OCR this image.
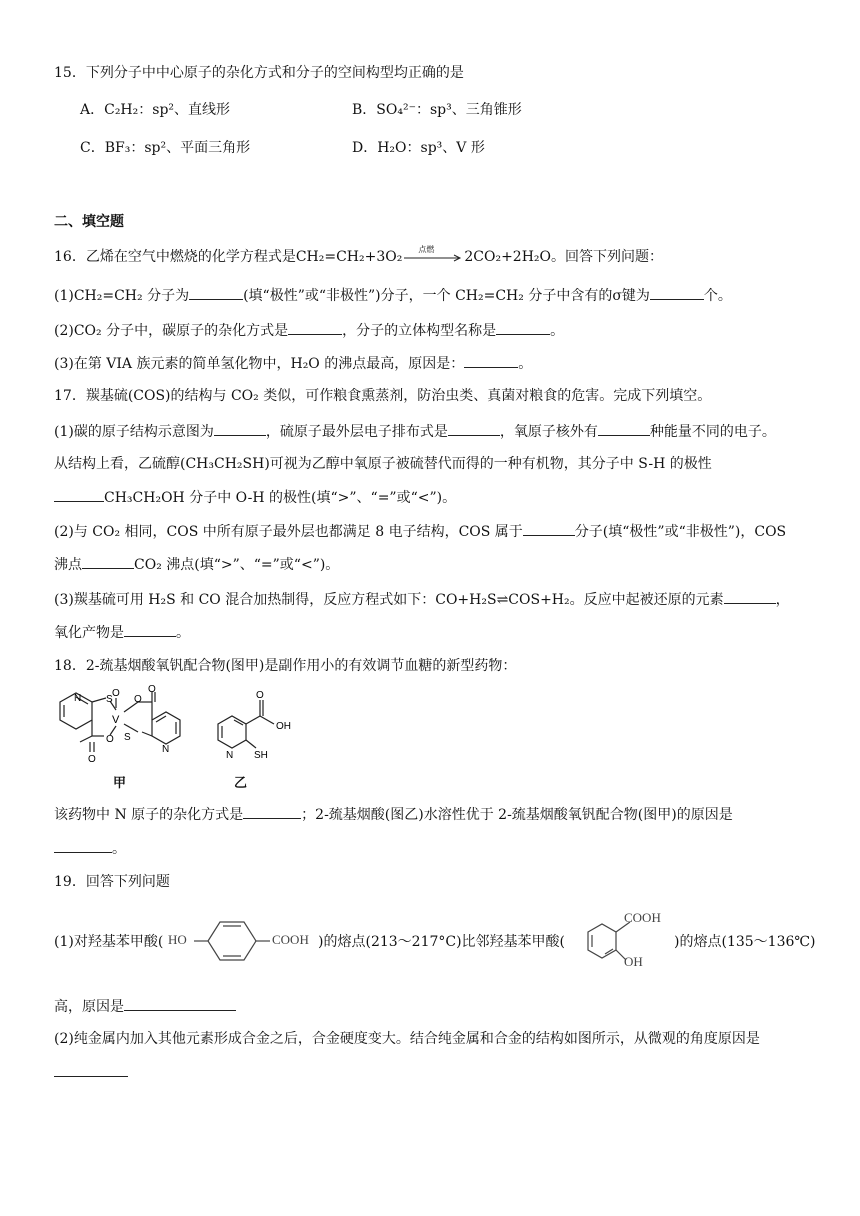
15．下列分子中中心原子的杂化方式和分子的空间构型均正确的是
A．C₂H₂：sp²、直线形	B．SO₄²⁻：sp³、三角锥形
C．BF₃：sp²、平面三角形	D．H₂O：sp³、V 形
二、填空题
16．乙烯在空气中燃烧的化学方程式是CH₂=CH₂+3O₂ 点燃 2CO₂+2H₂O。回答下列问题：
(1)CH₂=CH₂ 分子为	(填“极性”或“非极性”)分子，一个 CH₂=CH₂ 分子中含有的σ键为	个。
(2)CO₂ 分子中，碳原子的杂化方式是	，分子的立体构型名称是	。
(3)在第 VIA 族元素的简单氢化物中，H₂O 的沸点最高，原因是：	。
17．羰基硫(COS)的结构与 CO₂ 类似，可作粮食熏蒸剂，防治虫类、真菌对粮食的危害。完成下列填空。
(1)碳的原子结构示意图为	，硫原子最外层电子排布式是	，氧原子核外有	种能量不同的电子。
从结构上看，乙硫醇(CH₃CH₂SH)可视为乙醇中氧原子被硫替代而得的一种有机物，其分子中 S-H 的极性
CH₃CH₂OH 分子中 O-H 的极性(填“>”、“=”或“<”)。
(2)与 CO₂ 相同，COS 中所有原子最外层也都满足 8 电子结构，COS 属于	分子(填“极性”或“非极性”)，COS
沸点	CO₂ 沸点(填“>”、“=”或“<”)。
(3)羰基硫可用 H₂S 和 CO 混合加热制得，反应方程式如下：CO+H₂S⇌COS+H₂。反应中起被还原的元素	，
氧化产物是	。
18．2-巯基烟酸氧钒配合物(图甲)是副作用小的有效调节血糖的新型药物：
N S
O
V
O
O
S
O
O
N
甲
O
OH
N SH
乙
该药物中 N 原子的杂化方式是	；2-巯基烟酸(图乙)水溶性优于 2-巯基烟酸氧钒配合物(图甲)的原因是
。
19．回答下列问题
(1)对羟基苯甲酸( HO	COOH )的熔点(213～217°C)比邻羟基苯甲酸(
COOH
OH
)的熔点(135～136℃)
高，原因是
(2)纯金属内加入其他元素形成合金之后，合金硬度变大。结合纯金属和合金的结构如图所示，从微观的角度原因是
